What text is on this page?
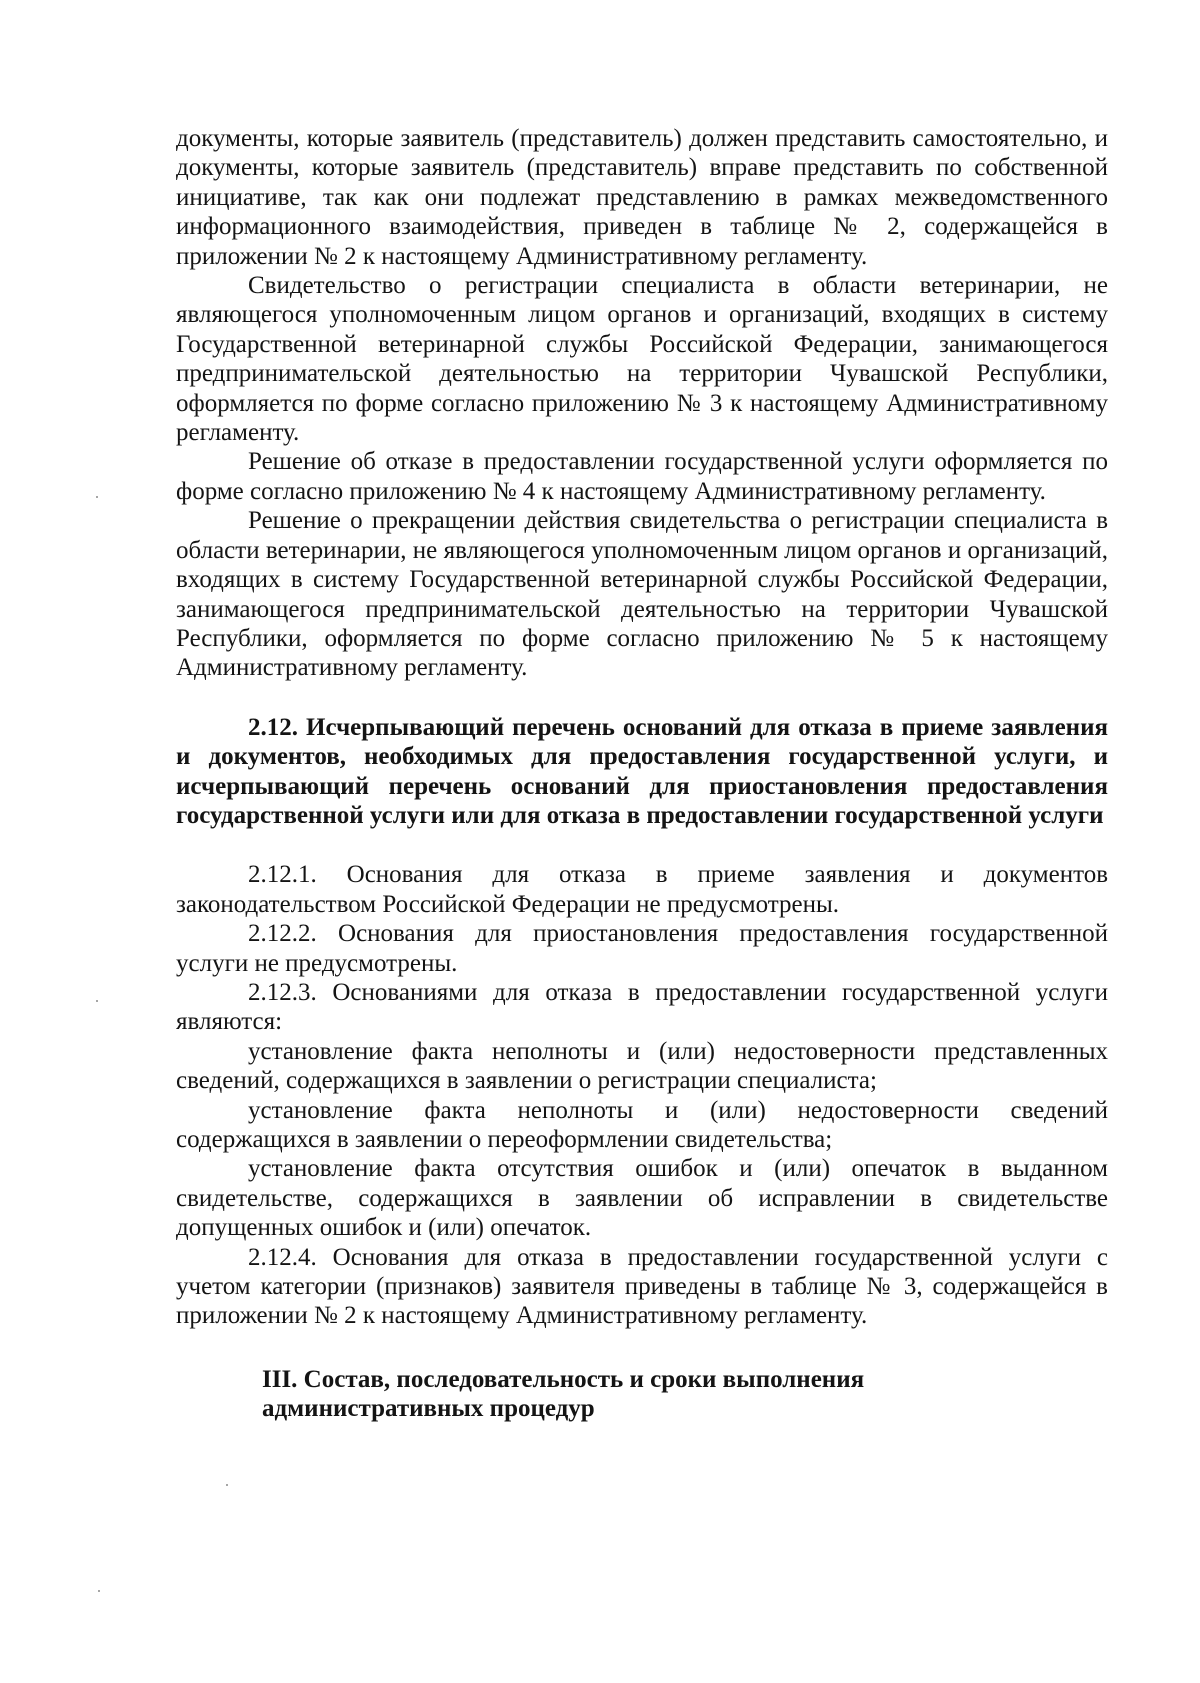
документы, которые заявитель (представитель) должен представить самостоятельно, и документы, которые заявитель (представитель) вправе представить по собственной инициативе, так как они подлежат представлению в рамках межведомственного информационного взаимодействия, приведен в таблице № 2, содержащейся в приложении № 2 к настоящему Административному регламенту.

Свидетельство о регистрации специалиста в области ветеринарии, не являющегося уполномоченным лицом органов и организаций, входящих в систему Государственной ветеринарной службы Российской Федерации, занимающегося предпринимательской деятельностью на территории Чувашской Республики, оформляется по форме согласно приложению № 3 к настоящему Административному регламенту.

Решение об отказе в предоставлении государственной услуги оформляется по форме согласно приложению № 4 к настоящему Административному регламенту.

Решение о прекращении действия свидетельства о регистрации специалиста в области ветеринарии, не являющегося уполномоченным лицом органов и организаций, входящих в систему Государственной ветеринарной службы Российской Федерации, занимающегося предпринимательской деятельностью на территории Чувашской Республики, оформляется по форме согласно приложению № 5 к настоящему Административному регламенту.

2.12. Исчерпывающий перечень оснований для отказа в приеме заявления и документов, необходимых для предоставления государственной услуги, и исчерпывающий перечень оснований для приостановления предоставления государственной услуги или для отказа в предоставлении государственной услуги

2.12.1. Основания для отказа в приеме заявления и документов законодательством Российской Федерации не предусмотрены.

2.12.2. Основания для приостановления предоставления государственной услуги не предусмотрены.

2.12.3. Основаниями для отказа в предоставлении государственной услуги являются:

установление факта неполноты и (или) недостоверности представленных сведений, содержащихся в заявлении о регистрации специалиста;

установление факта неполноты и (или) недостоверности сведений содержащихся в заявлении о переоформлении свидетельства;

установление факта отсутствия ошибок и (или) опечаток в выданном свидетельстве, содержащихся в заявлении об исправлении в свидетельстве допущенных ошибок и (или) опечаток.

2.12.4. Основания для отказа в предоставлении государственной услуги с учетом категории (признаков) заявителя приведены в таблице № 3, содержащейся в приложении № 2 к настоящему Административному регламенту.

III. Состав, последовательность и сроки выполнения
административных процедур
